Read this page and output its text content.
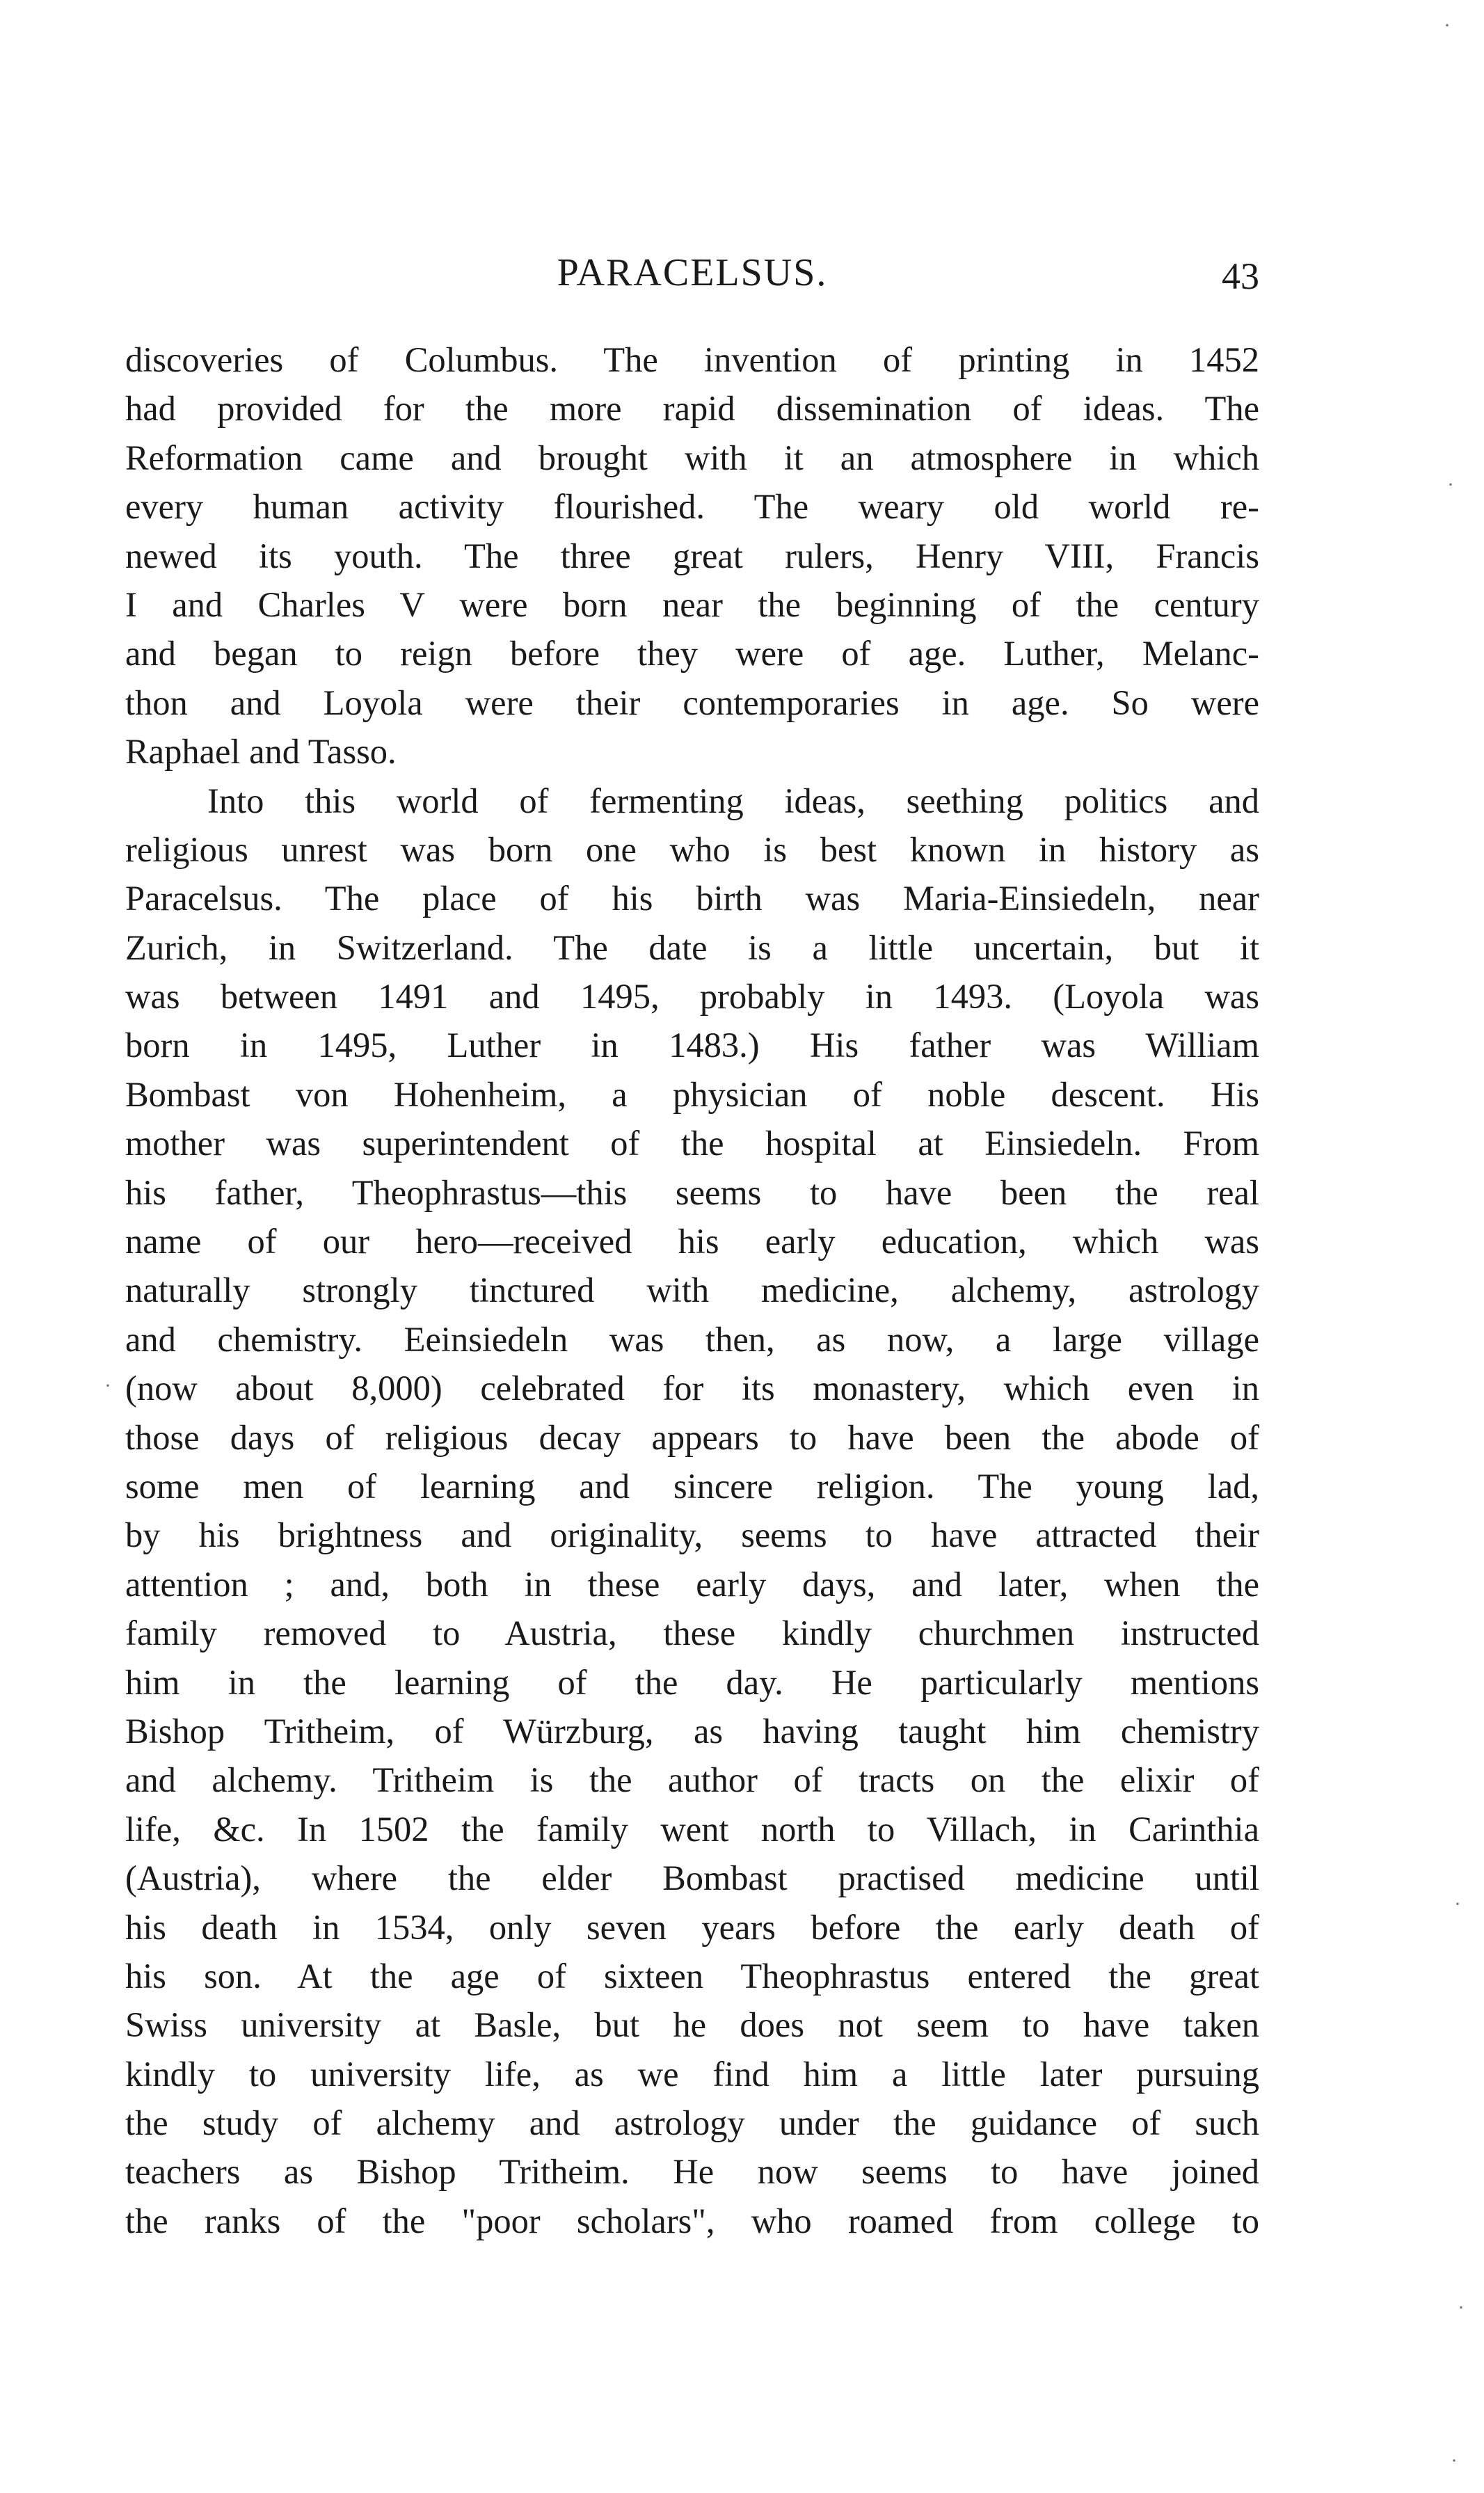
PARACELSUS.	43
discoveries of Columbus. The invention of printing in 1452
had provided for the more rapid dissemination of ideas. The
Reformation came and brought with it an atmosphere in which
every human activity flourished. The weary old world re-
newed its youth. The three great rulers, Henry VIII, Francis
I and Charles V were born near the beginning of the century
and began to reign before they were of age. Luther, Melanc-
thon and Loyola were their contemporaries in age. So were
Raphael and Tasso.
Into this world of fermenting ideas, seething politics and
religious unrest was born one who is best known in history as
Paracelsus. The place of his birth was Maria-Einsiedeln, near
Zurich, in Switzerland. The date is a little uncertain, but it
was between 1491 and 1495, probably in 1493. (Loyola was
born in 1495, Luther in 1483.) His father was William
Bombast von Hohenheim, a physician of noble descent. His
mother was superintendent of the hospital at Einsiedeln. From
his father, Theophrastus—this seems to have been the real
name of our hero—received his early education, which was
naturally strongly tinctured with medicine, alchemy, astrology
and chemistry. Eeinsiedeln was then, as now, a large village
(now about 8,000) celebrated for its monastery, which even in
those days of religious decay appears to have been the abode of
some men of learning and sincere religion. The young lad,
by his brightness and originality, seems to have attracted their
attention ; and, both in these early days, and later, when the
family removed to Austria, these kindly churchmen instructed
him in the learning of the day. He particularly mentions
Bishop Tritheim, of Würzburg, as having taught him chemistry
and alchemy. Tritheim is the author of tracts on the elixir of
life, &c. In 1502 the family went north to Villach, in Carinthia
(Austria), where the elder Bombast practised medicine until
his death in 1534, only seven years before the early death of
his son. At the age of sixteen Theophrastus entered the great
Swiss university at Basle, but he does not seem to have taken
kindly to university life, as we find him a little later pursuing
the study of alchemy and astrology under the guidance of such
teachers as Bishop Tritheim. He now seems to have joined
the ranks of the "poor scholars", who roamed from college to
·
·
·
·
·
·
